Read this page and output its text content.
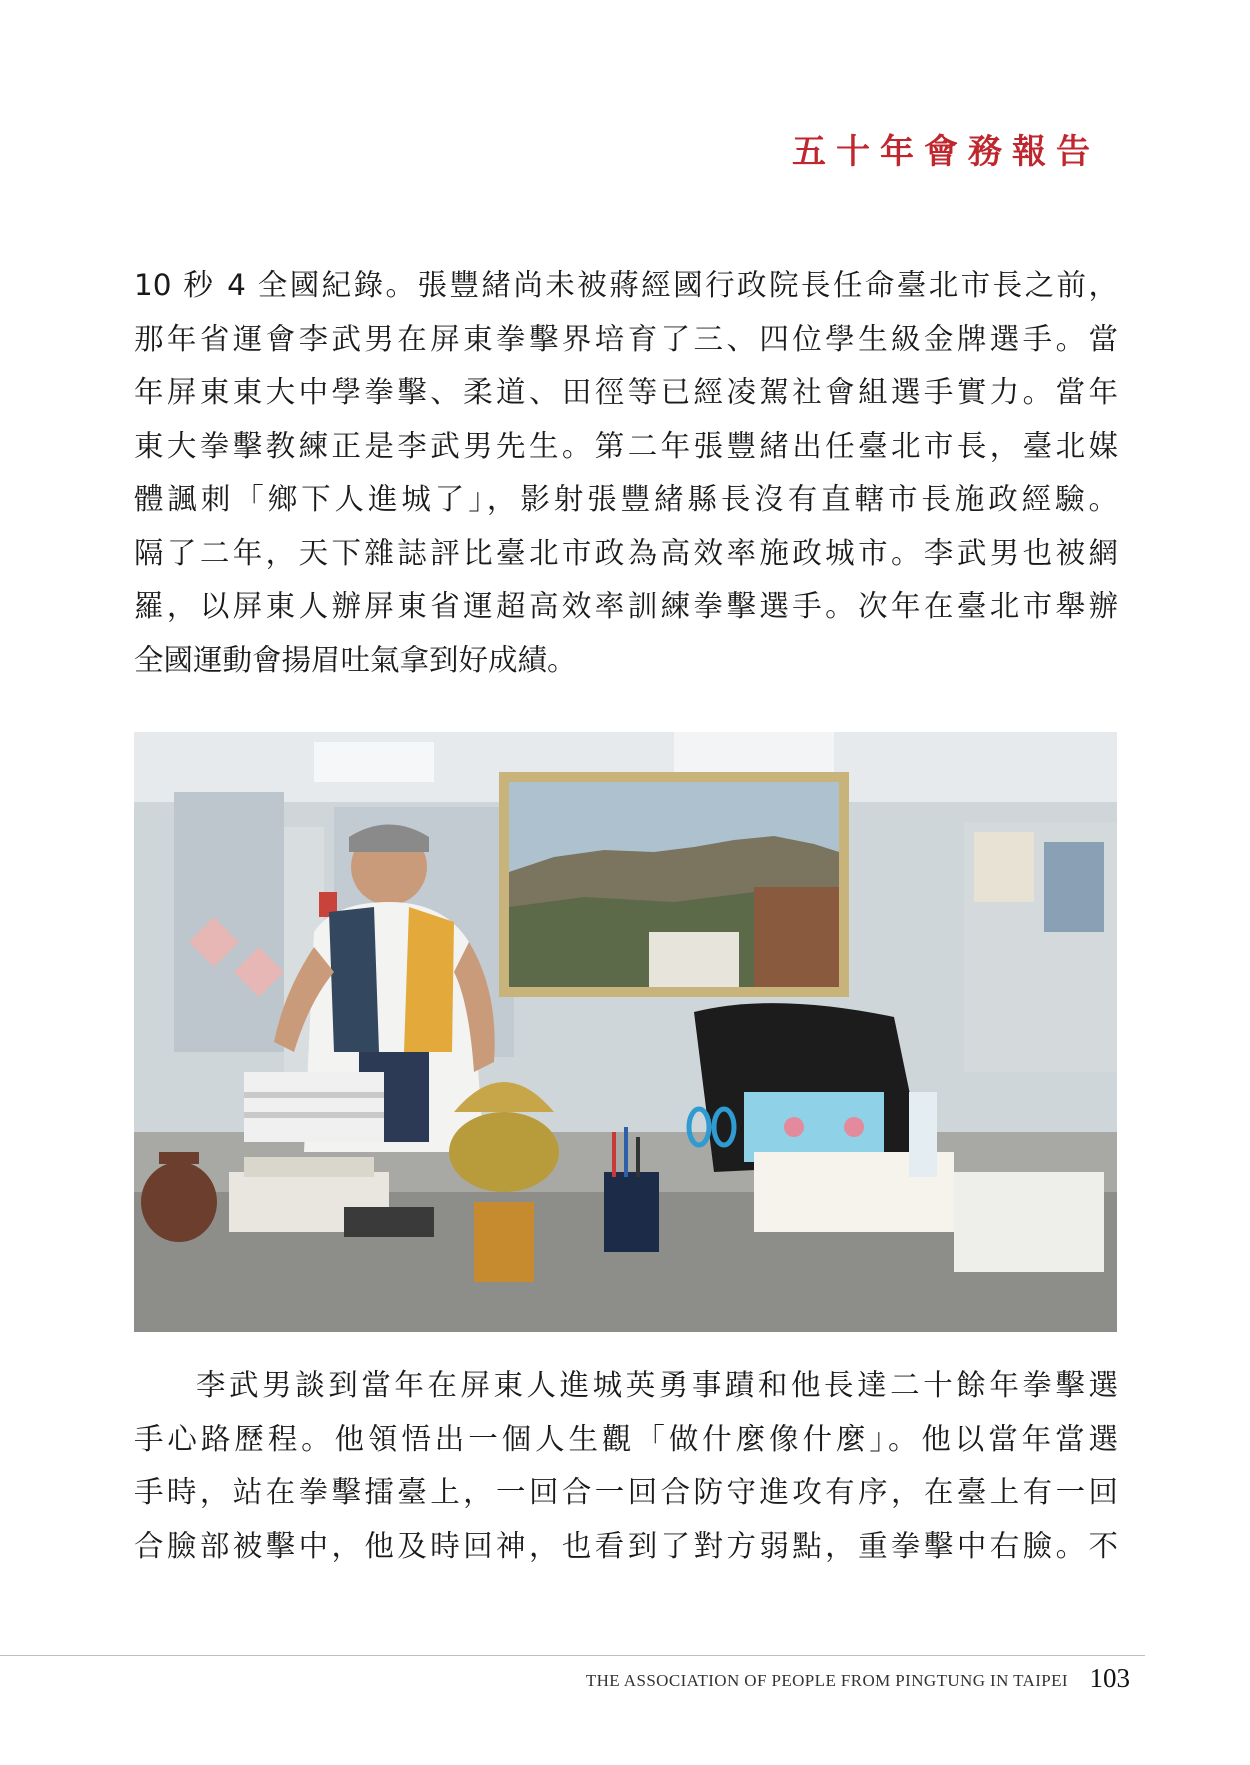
五十年會務報告
10 秒 4 全國紀錄。張豐緒尚未被蔣經國行政院長任命臺北市長之前，
那年省運會李武男在屏東拳擊界培育了三、四位學生級金牌選手。當
年屏東東大中學拳擊、柔道、田徑等已經凌駕社會組選手實力。當年
東大拳擊教練正是李武男先生。第二年張豐緒出任臺北市長，臺北媒
體諷刺「鄉下人進城了」，影射張豐緒縣長沒有直轄市長施政經驗。
隔了二年，天下雜誌評比臺北市政為高效率施政城市。李武男也被網
羅，以屏東人辦屏東省運超高效率訓練拳擊選手。次年在臺北市舉辦
全國運動會揚眉吐氣拿到好成績。
李武男談到當年在屏東人進城英勇事蹟和他長達二十餘年拳擊選
手心路歷程。他領悟出一個人生觀「做什麼像什麼」。他以當年當選
手時，站在拳擊擂臺上，一回合一回合防守進攻有序，在臺上有一回
合臉部被擊中，他及時回神，也看到了對方弱點，重拳擊中右臉。不
THE ASSOCIATION OF PEOPLE FROM PINGTUNG IN TAIPEI 103
